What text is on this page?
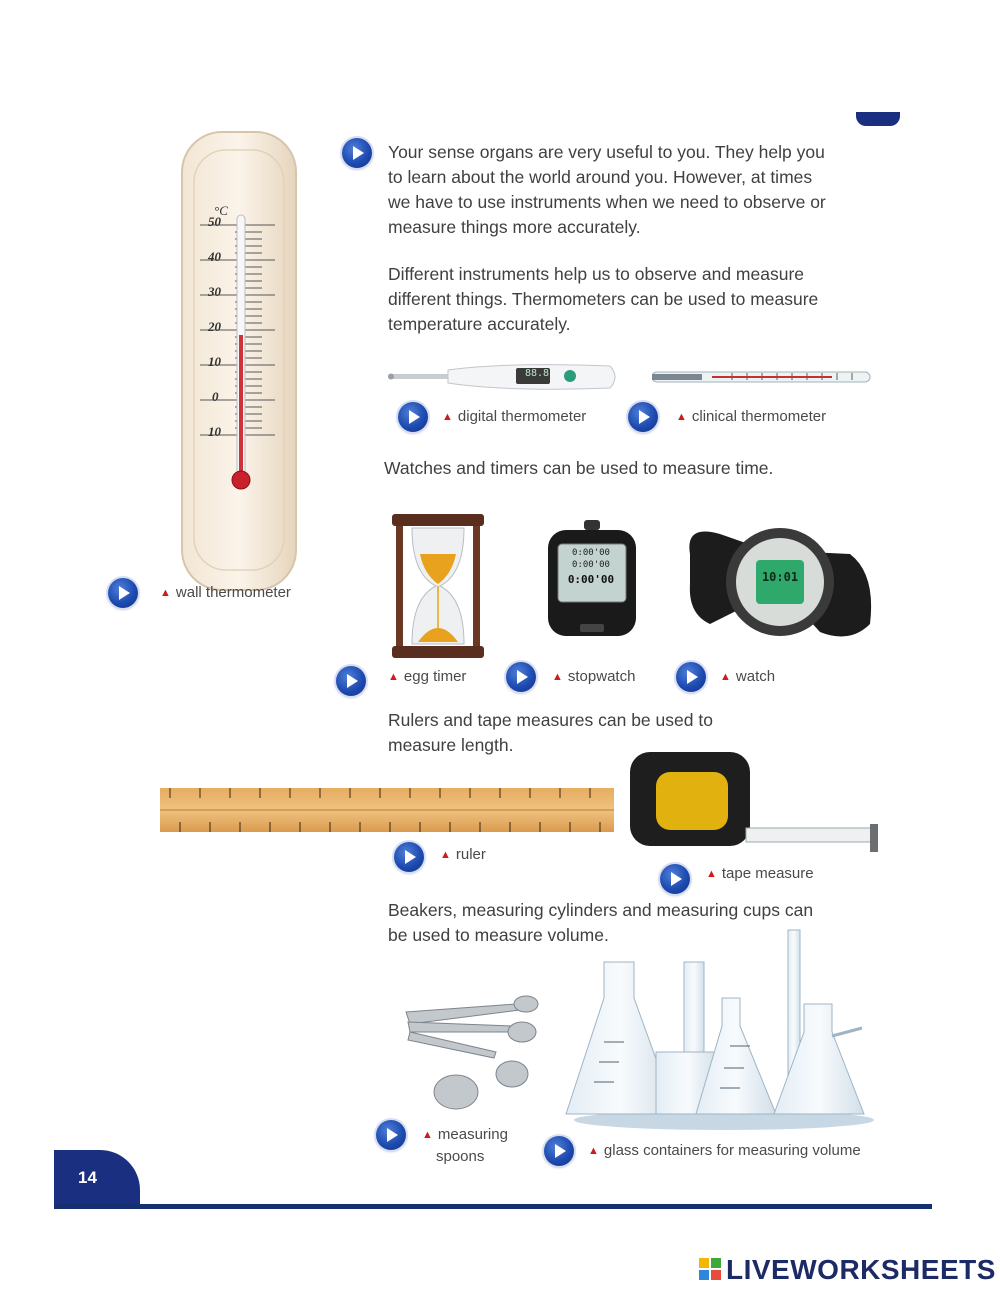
°C
50
40
30
20
10
0
10
▲ wall thermometer

Your sense organs are very useful to you. They help you

to learn about the world around you. However, at times

we have to use instruments when we need to observe or

measure things more accurately.

Different instruments help us to observe and measure

different things. Thermometers can be used to measure

temperature accurately.

88.8
▲ digital thermometer	▲ clinical thermometer

Watches and timers can be used to measure time.

0:00'00
0:00'00
0:00'00	10:01
▲ egg timer	▲ stopwatch	▲ watch

Rulers and tape measures can be used to

measure length.

▲ ruler
▲ tape measure

Beakers, measuring cylinders and measuring cups can

be used to measure volume.

▲ measuring
spoons	▲ glass containers for measuring volume
14

LIVEWORKSHEETS
